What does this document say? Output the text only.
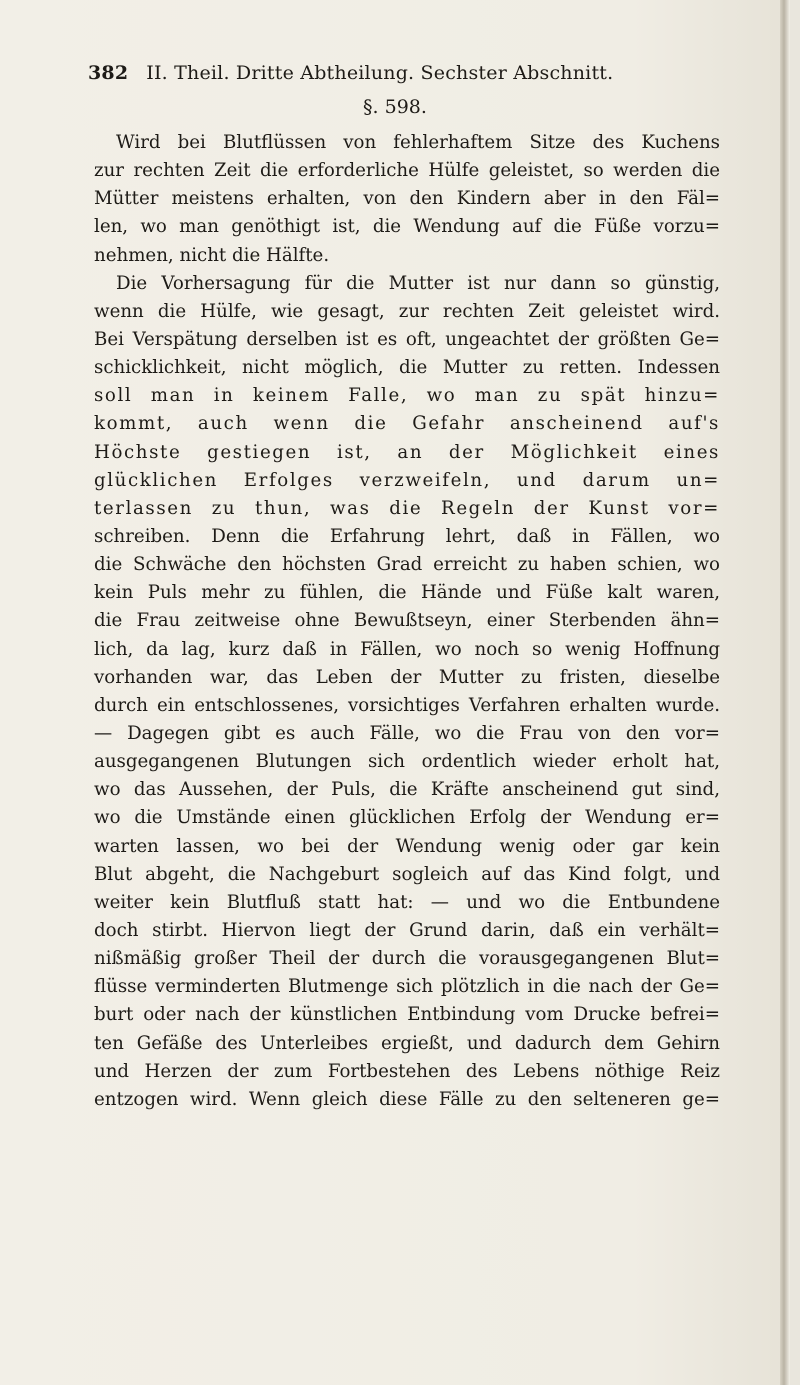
382 II. Theil. Dritte Abtheilung. Sechster Abschnitt.
§. 598.
Wird bei Blutflüssen von fehlerhaftem Sitze des Kuchens
zur rechten Zeit die erforderliche Hülfe geleistet, so werden die
Mütter meistens erhalten, von den Kindern aber in den Fäl=
len, wo man genöthigt ist, die Wendung auf die Füße vorzu=
nehmen, nicht die Hälfte.
Die Vorhersagung für die Mutter ist nur dann so günstig,
wenn die Hülfe, wie gesagt, zur rechten Zeit geleistet wird.
Bei Verspätung derselben ist es oft, ungeachtet der größten Ge=
schicklichkeit, nicht möglich, die Mutter zu retten. Indessen
soll man in keinem Falle, wo man zu spät hinzu=
kommt, auch wenn die Gefahr anscheinend auf's
Höchste gestiegen ist, an der Möglichkeit eines
glücklichen Erfolges verzweifeln, und darum un=
terlassen zu thun, was die Regeln der Kunst vor=
schreiben. Denn die Erfahrung lehrt, daß in Fällen, wo
die Schwäche den höchsten Grad erreicht zu haben schien, wo
kein Puls mehr zu fühlen, die Hände und Füße kalt waren,
die Frau zeitweise ohne Bewußtseyn, einer Sterbenden ähn=
lich, da lag, kurz daß in Fällen, wo noch so wenig Hoffnung
vorhanden war, das Leben der Mutter zu fristen, dieselbe
durch ein entschlossenes, vorsichtiges Verfahren erhalten wurde.
— Dagegen gibt es auch Fälle, wo die Frau von den vor=
ausgegangenen Blutungen sich ordentlich wieder erholt hat,
wo das Aussehen, der Puls, die Kräfte anscheinend gut sind,
wo die Umstände einen glücklichen Erfolg der Wendung er=
warten lassen, wo bei der Wendung wenig oder gar kein
Blut abgeht, die Nachgeburt sogleich auf das Kind folgt, und
weiter kein Blutfluß statt hat: — und wo die Entbundene
doch stirbt. Hiervon liegt der Grund darin, daß ein verhält=
nißmäßig großer Theil der durch die vorausgegangenen Blut=
flüsse verminderten Blutmenge sich plötzlich in die nach der Ge=
burt oder nach der künstlichen Entbindung vom Drucke befrei=
ten Gefäße des Unterleibes ergießt, und dadurch dem Gehirn
und Herzen der zum Fortbestehen des Lebens nöthige Reiz
entzogen wird. Wenn gleich diese Fälle zu den selteneren ge=
